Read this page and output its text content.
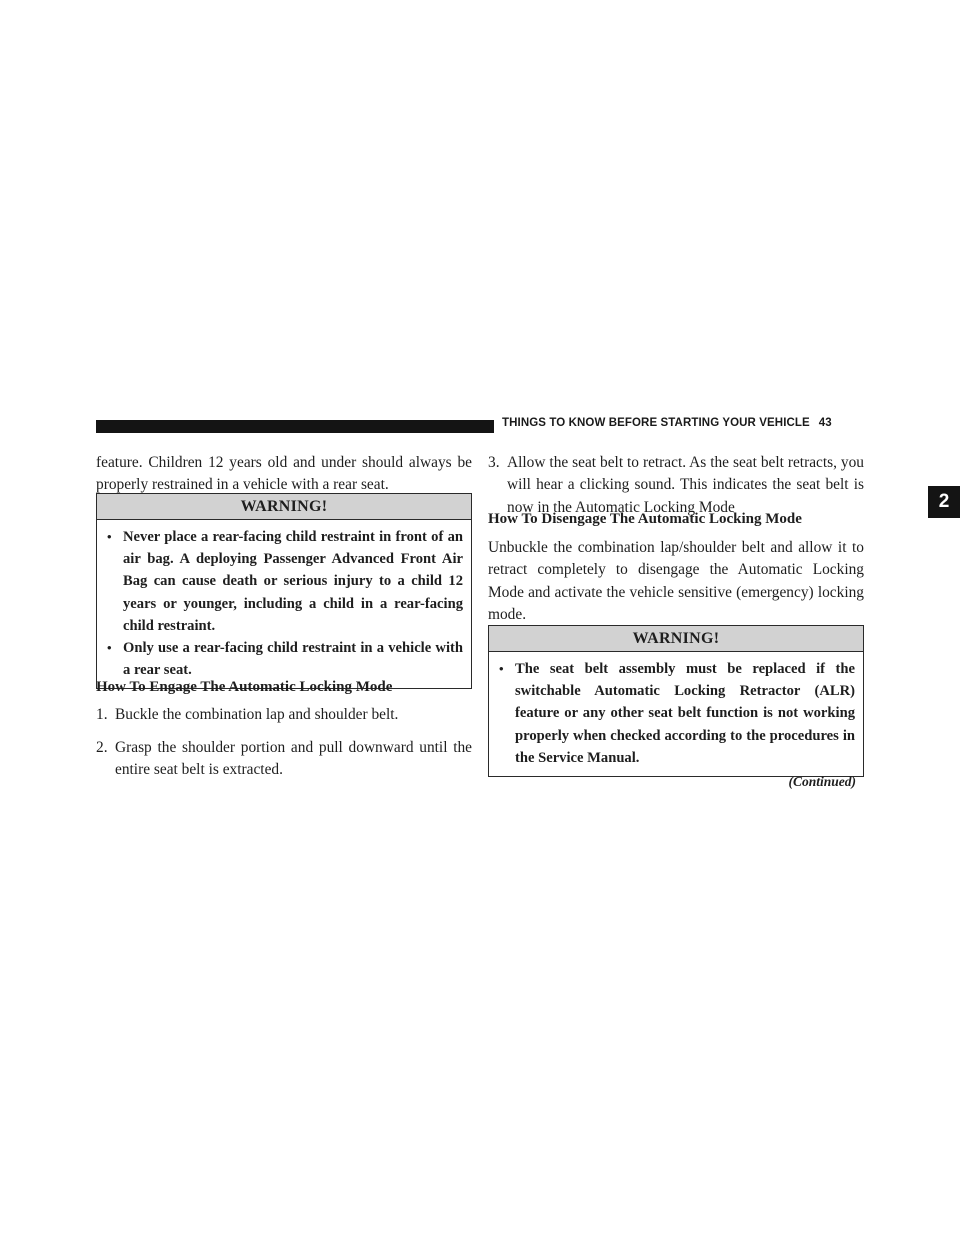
THINGS TO KNOW BEFORE STARTING YOUR VEHICLE 43
2

feature. Children 12 years old and under should always be properly restrained in a vehicle with a rear seat.

WARNING!

• Never place a rear-facing child restraint in front of an air bag. A deploying Passenger Advanced Front Air Bag can cause death or serious injury to a child 12 years or younger, including a child in a rear-facing child restraint.

• Only use a rear-facing child restraint in a vehicle with a rear seat.

How To Engage The Automatic Locking Mode

1. Buckle the combination lap and shoulder belt.
2. Grasp the shoulder portion and pull downward until the entire seat belt is extracted.
3. Allow the seat belt to retract. As the seat belt retracts, you will hear a clicking sound. This indicates the seat belt is now in the Automatic Locking Mode

How To Disengage The Automatic Locking Mode

Unbuckle the combination lap/shoulder belt and allow it to retract completely to disengage the Automatic Locking Mode and activate the vehicle sensitive (emergency) locking mode.

WARNING!

• The seat belt assembly must be replaced if the switchable Automatic Locking Retractor (ALR) feature or any other seat belt function is not working properly when checked according to the procedures in the Service Manual.

(Continued)
